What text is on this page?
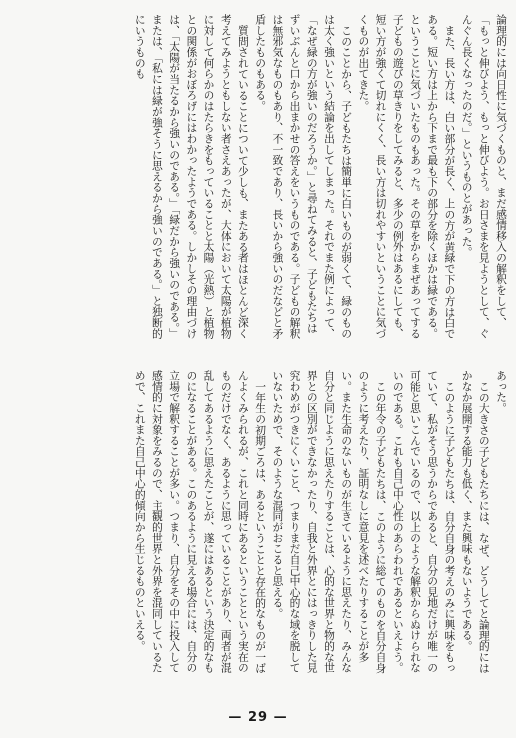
論理的には向日性に気づくものと、まだ感情移入の解釈をして、「もっと伸びよう、もっと伸びよう。お日さまを見ようとして、ぐんぐん長くなったのだ。」というものとがあった。
また、長い方は、白い部分が長く、上の方が黄緑で下の方は白である。短い方は上から下まで最も下の部分を除くほかは緑である。ということに気づいたものもあった。その草をからまぜあってする子どもの遊びの草きりをしてみると、多少の例外はあるにしても、短い方が強くて切れにくく、長い方は切れやすいということに気づくものが出てきた。
このことから、子どもたちは簡単に白いものが弱くて、緑のものは太く強いという結論を出してしまった。それでまた例によって、「なぜ緑の方が強いのだろうか。」と尋ねてみると、子どもたちはずいぶんと口から出まかせの答えをいうものである。子どもの解釈は無邪気なものもあり、不一致であり、長いから強いのだなどと矛盾したものもある。
質問されていることについて少しも、またある者はほとんど深く考えてみようともしない者さえあったが、大体において太陽が植物に対して何らかのはたらきをもっていることと太陽（光熱）と植物との関係がおぼろげにはわかったようである。しかしその理由づけは、「太陽が当たるから強いのである。」「緑だから強いのである。」または、「私には緑が強そうに思えるから強いのである。」と独断的にいうものも
あった。
この大きさの子どもたちには、なぜ、どうしてと論理的にはかなか展開する能力も低く、また興味もないようである。
このように子どもたちは、自分自身の考えのみに興味をもっていて、私がそう思うからであると、自分の見地だけが唯一の可能と思いこんでいるので、以上のような解釈からぬけられないのである。これも自己中心性のあらわれであるといえよう。
この年令の子どもたちは、このように総てのものを自分自身のように考えたり、証明なしに意見を述べたりすることが多い。また生命のないものが生きているように思えたり、みんな自分と同じように思えたりすることは、心的な世界と物的な世界との区別ができなかったり、自我と外界とにはっきりした見究わめがつきにくいこと、つまりまだ自己中心的な域を脱していないためで、そのような混同がおこると思える。
一年生の初期ごろは、あるということと存在的なものが一ばんよくみられるが、これと同時にあるということという実在のものだけでなく、あるように思っていることがあり、両者が混乱してあるように思えたことが、遂にはあるという決定的なものになることがある。このあるように見える場合には、自分の立場で解釈することが多い。つまり、自分をその中に投入して感情的に対象をみるので、主観的世界と外界を混同しているためで、これまた自己中心的傾向から生じるものといえる。
— 29 —
